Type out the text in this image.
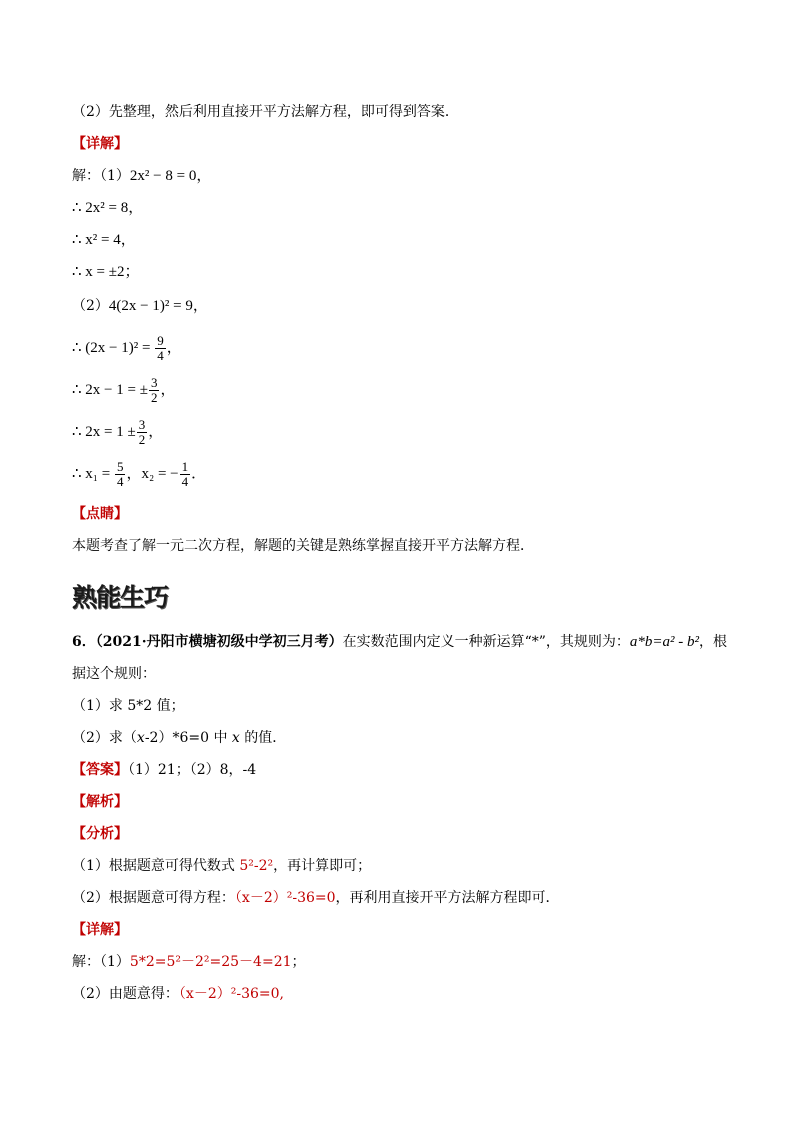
（2）先整理，然后利用直接开平方法解方程，即可得到答案．
【详解】
解：（1）2x² − 8 = 0，
∴ 2x² = 8，
∴ x² = 4，
∴ x = ±2；
（2）4(2x − 1)² = 9，
∴ $(2x - 1)^2 = \frac{9}{4}$ ，
∴ 2x − 1 = ± $\frac{3}{2}$ ，
∴ $2x = 1 \pm \frac{3}{2}$ ，
∴ $x_1 = \frac{5}{4}$ ，x₂ = − $\frac{1}{4}$ ．
【点睛】
本题考查了解一元二次方程，解题的关键是熟练掌握直接开平方法解方程．
熟能生巧
6．（2021·丹阳市横塘初级中学初三月考）在实数范围内定义一种新运算“*”，其规则为：a*b=a² - b²，根
据这个规则：
（1）求 5*2 值；
（2）求（x-2）*6=0 中 x 的值．
【答案】（1）21；（2）8，-4
【解析】
【分析】
（1）根据题意可得代数式 5²-2²，再计算即可；
（2）根据题意可得方程：（x－2）²-36=0，再利用直接开平方法解方程即可．
【详解】
解：（1）5*2=5²－2²=25－4=21；
（2）由题意得：（x－2）²-36=0,
